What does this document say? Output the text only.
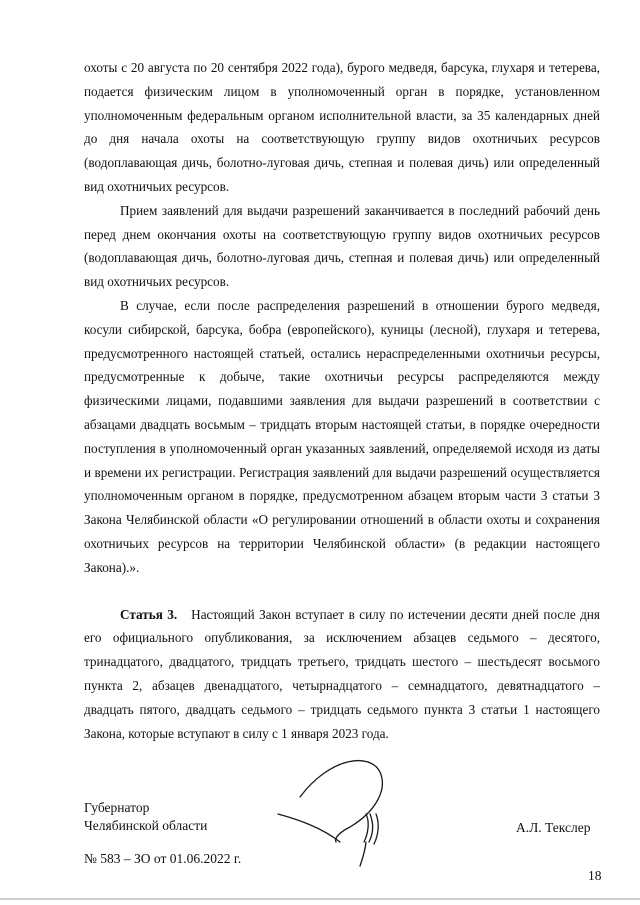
охоты с 20 августа по 20 сентября 2022 года), бурого медведя, барсука, глухаря и тетерева, подается физическим лицом в уполномоченный орган в порядке, установленном уполномоченным федеральным органом исполнительной власти, за 35 календарных дней до дня начала охоты на соответствующую группу видов охотничьих ресурсов (водоплавающая дичь, болотно-луговая дичь, степная и полевая дичь) или определенный вид охотничьих ресурсов.

Прием заявлений для выдачи разрешений заканчивается в последний рабочий день перед днем окончания охоты на соответствующую группу видов охотничьих ресурсов (водоплавающая дичь, болотно-луговая дичь, степная и полевая дичь) или определенный вид охотничьих ресурсов.

В случае, если после распределения разрешений в отношении бурого медведя, косули сибирской, барсука, бобра (европейского), куницы (лесной), глухаря и тетерева, предусмотренного настоящей статьей, остались нераспределенными охотничьи ресурсы, предусмотренные к добыче, такие охотничьи ресурсы распределяются между физическими лицами, подавшими заявления для выдачи разрешений в соответствии с абзацами двадцать восьмым – тридцать вторым настоящей статьи, в порядке очередности поступления в уполномоченный орган указанных заявлений, определяемой исходя из даты и времени их регистрации. Регистрация заявлений для выдачи разрешений осуществляется уполномоченным органом в порядке, предусмотренном абзацем вторым части 3 статьи 3 Закона Челябинской области «О регулировании отношений в области охоты и сохранения охотничьих ресурсов на территории Челябинской области» (в редакции настоящего Закона).».

Статья 3. Настоящий Закон вступает в силу по истечении десяти дней после дня его официального опубликования, за исключением абзацев седьмого – десятого, тринадцатого, двадцатого, тридцать третьего, тридцать шестого – шестьдесят восьмого пункта 2, абзацев двенадцатого, четырнадцатого – семнадцатого, девятнадцатого – двадцать пятого, двадцать седьмого – тридцать седьмого пункта 3 статьи 1 настоящего Закона, которые вступают в силу с 1 января 2023 года.

Губернатор
Челябинской области	А.Л. Текслер
№ 583 – ЗО от 01.06.2022 г.
18
